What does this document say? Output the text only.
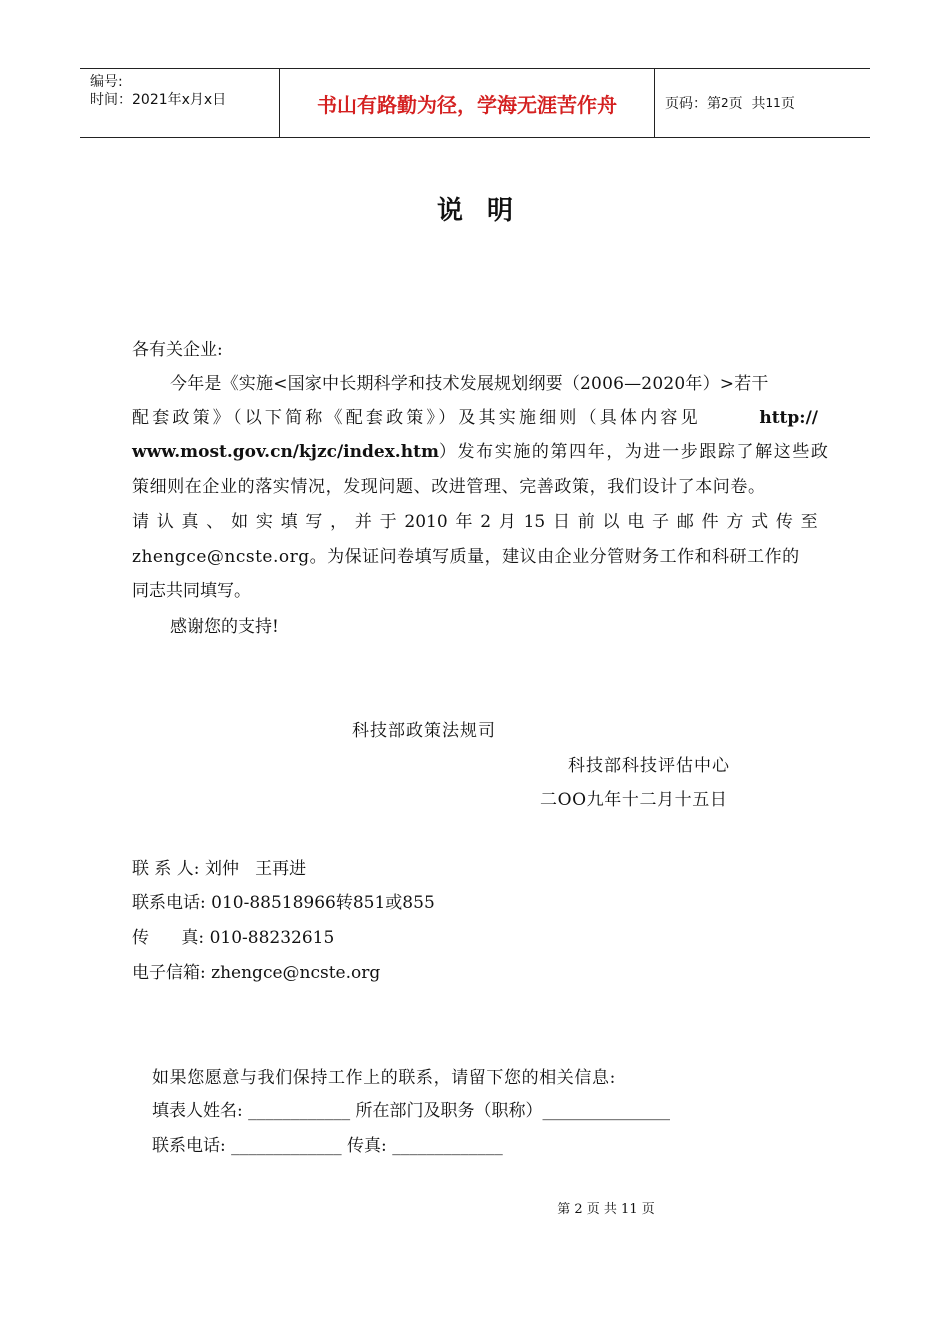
编号:
时间：2021年x月x日	书山有路勤为径，学海无涯苦作舟	页码：第 2 页  共 11 页
说明
各有关企业:
今年是《实施<国家中长期科学和技术发展规划纲要（2006—2020年）>若干
配套政策》（以下简称《配套政策》）及其实施细则（具体内容见	http://
www.most.gov.cn/kjzc/index.htm）发布实施的第四年，为进一步跟踪了解这些政
策细则在企业的落实情况，发现问题、改进管理、完善政策，我们设计了本问卷。
请 认 真 、 如 实 填 写 ， 并 于 2010 年 2 月 15 日 前 以 电 子 邮 件 方 式 传 至
zhengce@ncste.org。为保证问卷填写质量，建议由企业分管财务工作和科研工作的
同志共同填写。
感谢您的支持!
科技部政策法规司
科技部科技评估中心
二OO九年十二月十五日
联 系 人: 刘仲   王再进
联系电话: 010-88518966转851或855
传      真: 010-88232615
电子信箱: zhengce@ncste.org
如果您愿意与我们保持工作上的联系，请留下您的相关信息:
填表人姓名: ____________ 所在部门及职务（职称）_______________
联系电话: _____________ 传真: _____________
第 2 页 共 11 页
